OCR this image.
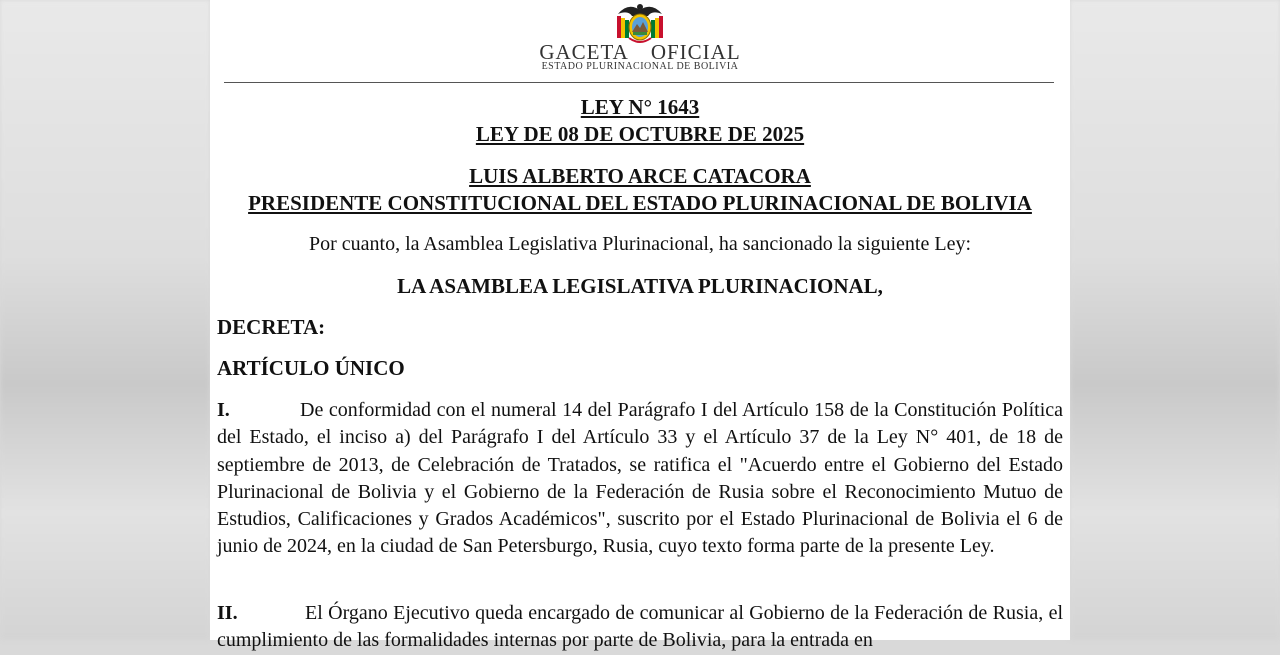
GACETA OFICIAL
ESTADO PLURINACIONAL DE BOLIVIA
LEY N° 1643
LEY DE 08 DE OCTUBRE DE 2025
LUIS ALBERTO ARCE CATACORA
PRESIDENTE CONSTITUCIONAL DEL ESTADO PLURINACIONAL DE BOLIVIA
Por cuanto, la Asamblea Legislativa Plurinacional, ha sancionado la siguiente Ley:
LA ASAMBLEA LEGISLATIVA PLURINACIONAL,
DECRETA:
ARTÍCULO ÚNICO
I.	De conformidad con el numeral 14 del Parágrafo I del Artículo 158 de la Constitución Política del Estado, el inciso a) del Parágrafo I del Artículo 33 y el Artículo 37 de la Ley N° 401, de 18 de septiembre de 2013, de Celebración de Tratados, se ratifica el "Acuerdo entre el Gobierno del Estado Plurinacional de Bolivia y el Gobierno de la Federación de Rusia sobre el Reconocimiento Mutuo de Estudios, Calificaciones y Grados Académicos", suscrito por el Estado Plurinacional de Bolivia el 6 de junio de 2024, en la ciudad de San Petersburgo, Rusia, cuyo texto forma parte de la presente Ley.
II.	El Órgano Ejecutivo queda encargado de comunicar al Gobierno de la Federación de Rusia, el cumplimiento de las formalidades internas por parte de Bolivia, para la entrada en
